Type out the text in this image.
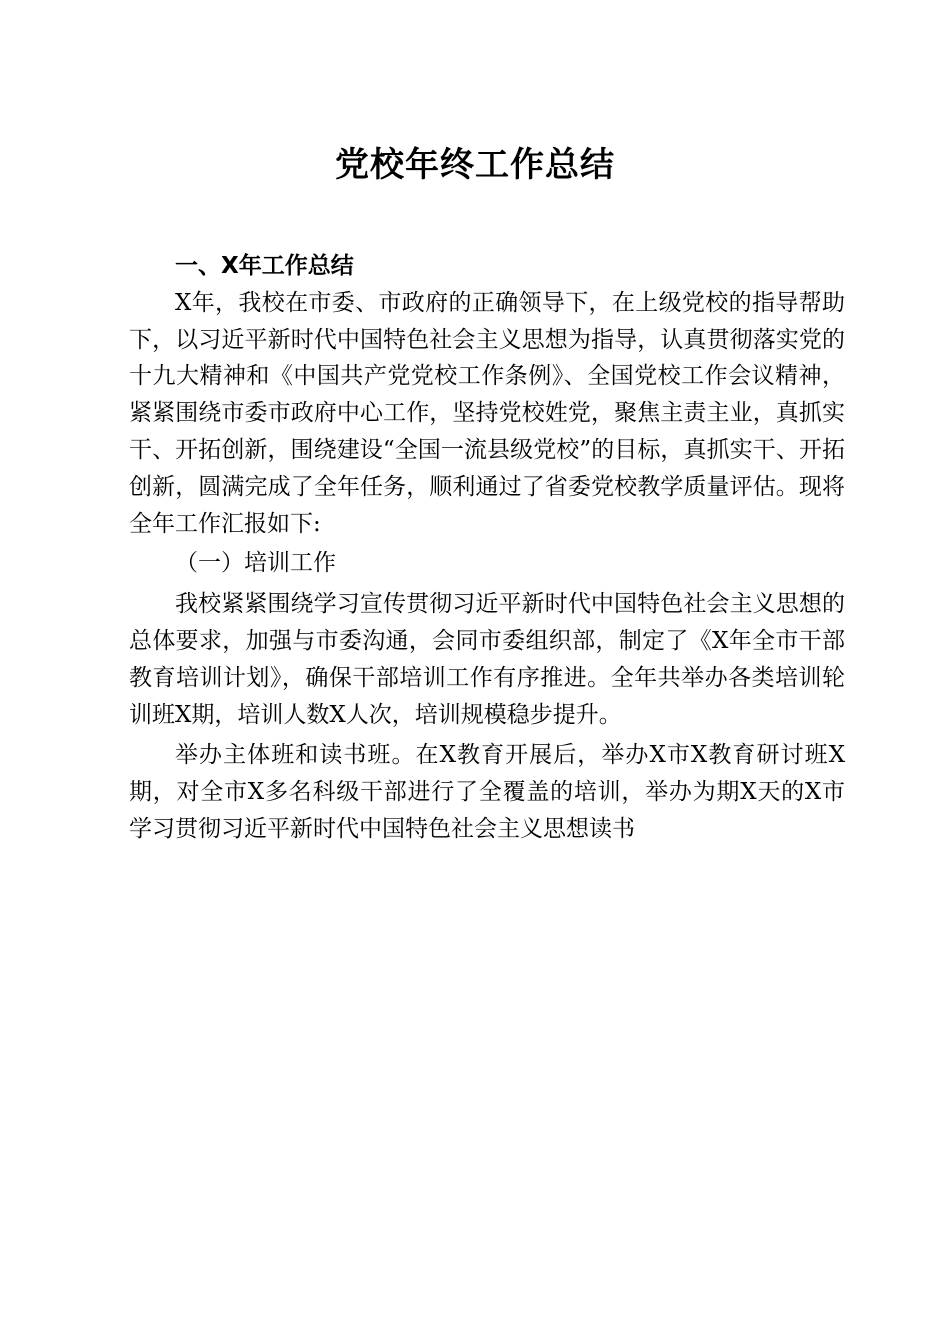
党校年终工作总结

一、X年工作总结

X年，我校在市委、市政府的正确领导下，在上级党校的指导帮助下，以习近平新时代中国特色社会主义思想为指导，认真贯彻落实党的十九大精神和《中国共产党党校工作条例》、全国党校工作会议精神，紧紧围绕市委市政府中心工作，坚持党校姓党，聚焦主责主业，真抓实干、开拓创新，围绕建设“全国一流县级党校”的目标，真抓实干、开拓创新，圆满完成了全年任务，顺利通过了省委党校教学质量评估。现将全年工作汇报如下:

（一）培训工作

我校紧紧围绕学习宣传贯彻习近平新时代中国特色社会主义思想的总体要求，加强与市委沟通，会同市委组织部，制定了《X年全市干部教育培训计划》，确保干部培训工作有序推进。全年共举办各类培训轮训班X期，培训人数X人次，培训规模稳步提升。

举办主体班和读书班。在X教育开展后，举办X市X教育研讨班X期，对全市X多名科级干部进行了全覆盖的培训，举办为期X天的X市学习贯彻习近平新时代中国特色社会主义思想读书
